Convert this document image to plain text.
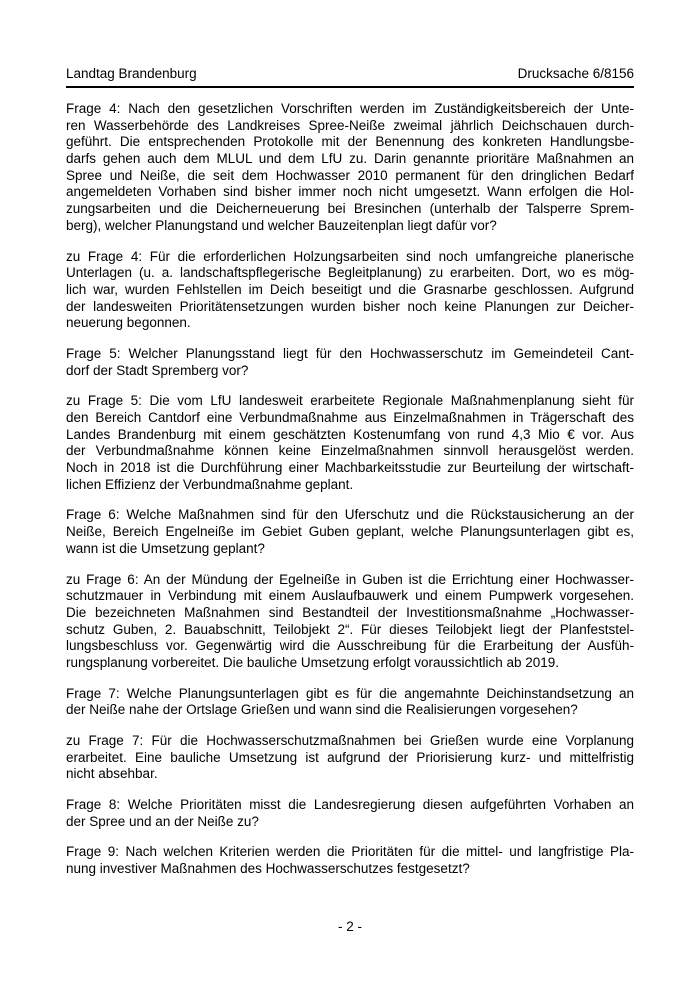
Landtag Brandenburg	Drucksache 6/8156

Frage 4: Nach den gesetzlichen Vorschriften werden im Zuständigkeitsbereich der Unte-
ren Wasserbehörde des Landkreises Spree-Neiße zweimal jährlich Deichschauen durch-
geführt. Die entsprechenden Protokolle mit der Benennung des konkreten Handlungsbe-
darfs gehen auch dem MLUL und dem LfU zu. Darin genannte prioritäre Maßnahmen an
Spree und Neiße, die seit dem Hochwasser 2010 permanent für den dringlichen Bedarf
angemeldeten Vorhaben sind bisher immer noch nicht umgesetzt. Wann erfolgen die Hol-
zungsarbeiten und die Deicherneuerung bei Bresinchen (unterhalb der Talsperre Sprem-
berg), welcher Planungstand und welcher Bauzeitenplan liegt dafür vor?

zu Frage 4: Für die erforderlichen Holzungsarbeiten sind noch umfangreiche planerische
Unterlagen (u. a. landschaftspflegerische Begleitplanung) zu erarbeiten. Dort, wo es mög-
lich war, wurden Fehlstellen im Deich beseitigt und die Grasnarbe geschlossen. Aufgrund
der landesweiten Prioritätensetzungen wurden bisher noch keine Planungen zur Deicher-
neuerung begonnen.

Frage 5: Welcher Planungsstand liegt für den Hochwasserschutz im Gemeindeteil Cant-
dorf der Stadt Spremberg vor?

zu Frage 5: Die vom LfU landesweit erarbeitete Regionale Maßnahmenplanung sieht für
den Bereich Cantdorf eine Verbundmaßnahme aus Einzelmaßnahmen in Trägerschaft des
Landes Brandenburg mit einem geschätzten Kostenumfang von rund 4,3 Mio € vor. Aus
der Verbundmaßnahme können keine Einzelmaßnahmen sinnvoll herausgelöst werden.
Noch in 2018 ist die Durchführung einer Machbarkeitsstudie zur Beurteilung der wirtschaft-
lichen Effizienz der Verbundmaßnahme geplant.

Frage 6: Welche Maßnahmen sind für den Uferschutz und die Rückstausicherung an der
Neiße, Bereich Engelneiße im Gebiet Guben geplant, welche Planungsunterlagen gibt es,
wann ist die Umsetzung geplant?

zu Frage 6: An der Mündung der Egelneiße in Guben ist die Errichtung einer Hochwasser-
schutzmauer in Verbindung mit einem Auslaufbauwerk und einem Pumpwerk vorgesehen.
Die bezeichneten Maßnahmen sind Bestandteil der Investitionsmaßnahme „Hochwasser-
schutz Guben, 2. Bauabschnitt, Teilobjekt 2“. Für dieses Teilobjekt liegt der Planfeststel-
lungsbeschluss vor. Gegenwärtig wird die Ausschreibung für die Erarbeitung der Ausfüh-
rungsplanung vorbereitet. Die bauliche Umsetzung erfolgt voraussichtlich ab 2019.

Frage 7: Welche Planungsunterlagen gibt es für die angemahnte Deichinstandsetzung an
der Neiße nahe der Ortslage Grießen und wann sind die Realisierungen vorgesehen?

zu Frage 7: Für die Hochwasserschutzmaßnahmen bei Grießen wurde eine Vorplanung
erarbeitet. Eine bauliche Umsetzung ist aufgrund der Priorisierung kurz- und mittelfristig
nicht absehbar.

Frage 8: Welche Prioritäten misst die Landesregierung diesen aufgeführten Vorhaben an
der Spree und an der Neiße zu?

Frage 9: Nach welchen Kriterien werden die Prioritäten für die mittel- und langfristige Pla-
nung investiver Maßnahmen des Hochwasserschutzes festgesetzt?

- 2 -
